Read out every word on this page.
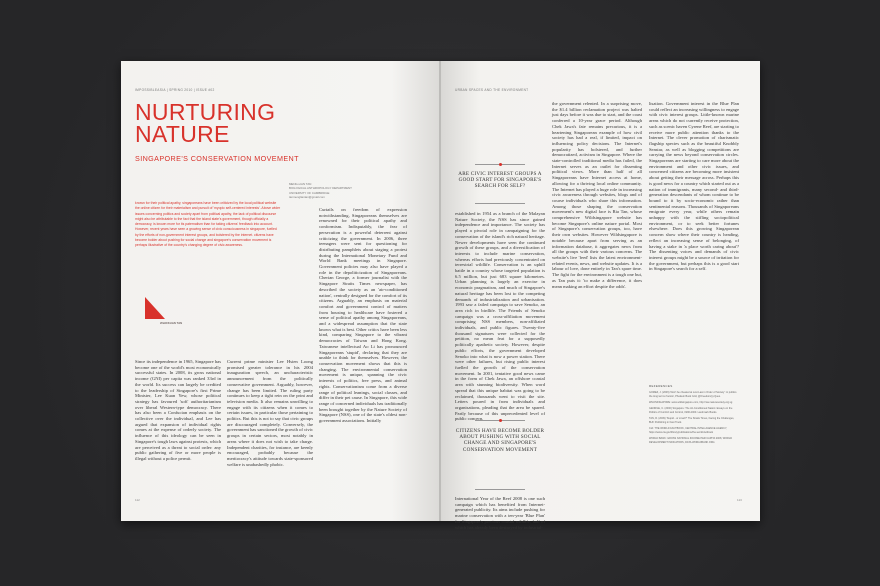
IMPOSSIBLEASIA | SPRING 2010 | ISSUE #02
NURTURING
NATURE
SINGAPORE'S CONSERVATION MOVEMENT
MENG-LIAN TAN
BIOLOGICAL ANTHROPOLOGY DEPARTMENT
UNIVERSITY OF CAMBRIDGE
tanmengliantan@gmail.com
known for their political apathy, singaporeans have been criticized by the local political website the online citizen for their materialism and pursuit of 'myopic self-centered interests'. Above wider issues concerning politics and society apart from political apathy, the lack of political discourse might also be attributable to the fact that the island state's government, though officially a democracy, is known more for its paternalism than for taking citizens' feedback into account. However, recent years have seen a growing sense of civic consciousness in singapore, fuelled by the efforts of non-government interest groups, and bolstered by the internet. citizens have become bolder about pushing for social change and singapore's conservation movement is perhaps illustrative of the country's changing degree of civic awareness.
WHO/KUAN TAN
Since its independence in 1965, Singapore has become one of the world's most economically successful states. In 2008, its gross national income (GNI) per capita was ranked 33rd in the world. Its success can largely be credited to the leadership of Singapore's first Prime Minister, Lee Kuan Yew, whose political strategy has favoured 'soft' authoritarianism over liberal Western-type democracy. There has also been a Confucian emphasis on the collective over the individual, and Lee has argued that expansion of individual rights comes at the expense of orderly society. The influence of this ideology can be seen in Singapore's tough laws against protests, which are perceived as a threat to social order: any public gathering of five or more people is illegal without a police permit.
Current prime minister Lee Hsien Loong promised greater tolerance in his 2004 inauguration speech, an uncharacteristic announcement from the politically conservative government. Arguably, however, change has been limited. The ruling party continues to keep a tight rein on the print and television media. It also remains unwilling to engage with its citizens when it comes to certain issues, in particular those pertaining to politics. But this is not to say that civic groups are discouraged completely. Conversely, the government has sanctioned the growth of civic groups in certain sectors, most notably in areas where it does not wish to take charge. Independent charities, for instance, are keenly encouraged, probably because the meritocracy's attitude towards state-sponsored welfare is unabashedly phobic.
Curtails on freedom of expression notwithstanding, Singaporeans themselves are renowned for their political apathy and conformism. Indisputably, the fear of persecution is a powerful deterrent against criticizing the government. In 2006, three teenagers were sent for questioning for distributing pamphlets about staging a protest during the International Monetary Fund and World Bank meetings in Singapore. Government policies may also have played a role in the depoliticization of Singaporeans. Cherian George, a former journalist with the Singapore Straits Times newspaper, has described the society as an 'air-conditioned nation', centrally designed for the comfort of its citizens. Arguably, an emphasis on material comfort and government control of matters from housing to healthcare have fostered a sense of political apathy among Singaporeans, and a widespread assumption that the state knows what is best. Other critics have been less kind, comparing Singapore to the vibrant democracies of Taiwan and Hong Kong. Taiwanese intellectual Ao Li has pronounced Singaporeans 'stupid', declaring that they are unable to think for themselves. However, the conservation movement shows that this is changing. The environmental conservation movement is unique, spanning the civic interests of politics, free press, and animal rights. Conservationism come from a diverse range of political leanings, social classes, and differ in their pet cause. In Singapore, this wide range of concerned individuals has traditionally been brought together by the Nature Society of Singapore (NSS), one of the state's oldest non-government associations. Initially
112
URBAN SPACES AND THE ENVIRONMENT
ARE CIVIC INTEREST GROUPS A GOOD START FOR SINGAPORE'S SEARCH FOR SELF?
established in 1954 as a branch of the Malayan Nature Society, the NSS has since gained independence and importance. The society has played a pivotal role in campaigning for the conservation of the island's rich natural heritage. Newer developments have seen the continued growth of these groups, and a diversification of interests to include marine conservation, whereas efforts had previously concentrated on terrestrial wildlife. Conservation is an uphill battle in a country whose targeted population is 6.5 million, but just 683 square kilometres. Urban planning is largely an exercise in economic pragmatism, and much of Singapore's natural heritage has been lost to the competing demands of industrialization and urbanisation. 1993 saw a failed campaign to save Senoko, an area rich in birdlife. The Friends of Senoko campaign was a cross-affiliation movement comprising NSS members, non-affiliated individuals, and public figures. Twenty-five thousand signatures were collected for the petition, no mean feat for a supposedly politically apathetic society. However, despite public efforts, the government developed Senoko into what is now a power station. There were other failures, but rising public interest fuelled the growth of the conservation movement. In 2001, tentative good news came in the form of Chek Jawa, an offshore coastal area with stunning biodiversity. When word spread that this unique habitat was going to be reclaimed, thousands went to visit the site. Letters poured in from individuals and organisations, pleading that the area be spared. Partly because of this unprecedented level of public concern,
CITIZENS HAVE BECOME BOLDER ABOUT PUSHING WITH SOCIAL CHANGE AND SINGAPORE'S CONSERVATION MOVEMENT
International Year of the Reef 2008 is one such campaign which has benefited from Internet-generated publicity. Its aims include pushing for marine conservation with a ten-year 'Blue Plan' for Singapore's precious coastal wildlife, half of which has already been destroyed by industrial-
the government relented. In a surprising move, the $1.4 billion reclamation project was halted just days before it was due to start, and the coast conferred a 10-year grace period. Although Chek Jawa's fate remains precarious, it is a heartening Singaporean example of how civil society has had a real, if limited, impact on influencing policy decisions. The Internet's popularity has bolstered, and further democratized, activism in Singapore. Where the state-controlled traditional media has failed, the Internet serves as an outlet for dissenting political views. More than half of all Singaporeans have Internet access at home, allowing for a thriving local online community. The Internet has played a huge role in increasing civic awareness through websites, blogs and of course individuals who share this information. Among those shaping the conservation movement's new digital face is Ria Tan, whose comprehensive Wildsingapore website has become Singapore's online nature portal. Most of Singapore's conservation groups, too, have their own websites. However Wildsingapore is notable because apart from serving as an information database, it aggregates news from all the groups with their various concerns. The website's live 'feed' lists the latest environment-related events, news, and website updates. It is a labour of love, done entirely in Tan's spare time. The fight for the environment is a tough one but, as Tan puts it: 'to make a difference, it does mean making an effort despite the odds'.
lisation. Government interest in the Blue Plan could reflect an increasing willingness to engage with civic interest groups. Little-known marine areas which do not currently receive protection, such as scenic haven Cyrene Reef, are starting to receive more public attention thanks to the Internet. The clever promotion of charismatic flagship species such as the beautiful Knobbly Seastar, as well as blogging competitions are carrying the news beyond conservation circles. Singaporeans are starting to care more about the environment and other civic issues, and concerned citizens are becoming more insistent about getting their message across. Perhaps this is good news for a country which started out as a nation of immigrants, many second- and third-generation descendants of whom continue to be bound to it by socio-economic rather than sentimental reasons. Thousands of Singaporeans emigrate every year, while others remain unhappy with the stifling sociopolitical environment, or to seek better fortunes elsewhere. Does this growing Singaporean concern show where their country is heading, reflect an increasing sense of belonging, of having a stake in 'a place worth caring about'? The dissenting voices and demands of civic interest groups might be a source of irritation for the government, but perhaps this is a good start in Singapore's search for a self.
REFERENCES

GOMEZ, J. (2006) 'Don't be cheated at Lost Law in Order of Society': in politics the long terms rhetoric, Pheikein Book Grid, @Freedom(s).Ques.

WILDSINGAPORE: www.wildsingapore.com, http://ww.naturesociety.org.sg

GEORGE, C. (2000) Singapore: The Air-Conditioned Nation: Essays on the Politics of Comfort and Control, 1990-2000. Landmark Books.

TAN, R. (2009) 'Stupid - or smart?' The Straits Times, Facing the Challenges, BUF Publishing in Fast Track.

CIA: THE WORLD FACTBOOK, CENTRAL INTELLIGENCE AGENCY, https://www.cia.gov/library/publications/the-world-factbook

WORLD BANK: GROSS NATIONAL INCOME PER CAPITA 2008, WORLD DEVELOPMENT INDICATORS, DATA.WORLDBANK.ORG

113
